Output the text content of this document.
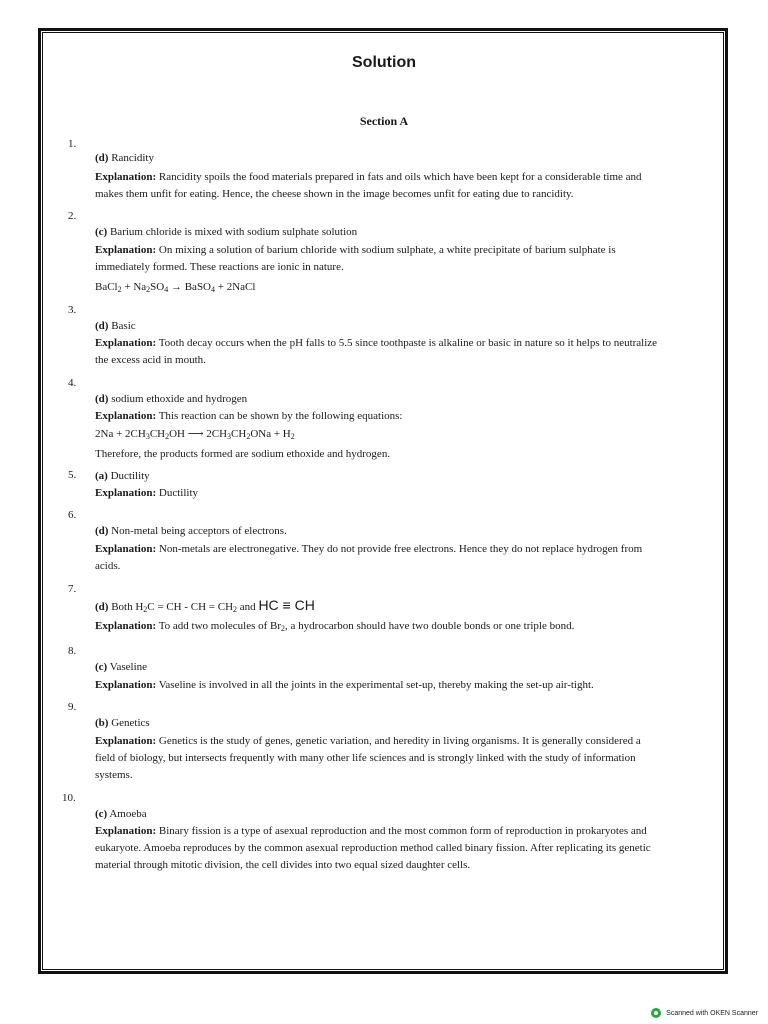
Solution
Section A
1.
(d) Rancidity
Explanation: Rancidity spoils the food materials prepared in fats and oils which have been kept for a considerable time and
makes them unfit for eating. Hence, the cheese shown in the image becomes unfit for eating due to rancidity.
2.
(c) Barium chloride is mixed with sodium sulphate solution
Explanation: On mixing a solution of barium chloride with sodium sulphate, a white precipitate of barium sulphate is
immediately formed. These reactions are ionic in nature.
BaCl$_2$ + $Na_2SO_4$ → BaSO$_4$ + 2NaCl
3.
(d) Basic
Explanation: Tooth decay occurs when the pH falls to 5.5 since toothpaste is alkaline or basic in nature so it helps to neutralize
the excess acid in mouth.
4.
(d) sodium ethoxide and hydrogen
Explanation: This reaction can be shown by the following equations:
$2Na + 2CH_3CH_2OH$ ⟶ $2CH_3CH_2ONa + H_2$
Therefore, the products formed are sodium ethoxide and hydrogen.
5. (a) Ductility
Explanation: Ductility
6.
(d) Non-metal being acceptors of electrons.
Explanation: Non-metals are electronegative. They do not provide free electrons. Hence they do not replace hydrogen from
acids.
7.
(d) Both $H_2C$ = CH - CH = $CH_2$ and HC ≡ CH
Explanation: To add two molecules of $Br_2$, a hydrocarbon should have two double bonds or one triple bond.
8.
(c) Vaseline
Explanation: Vaseline is involved in all the joints in the experimental set-up, thereby making the set-up air-tight.
9.
(b) Genetics
Explanation: Genetics is the study of genes, genetic variation, and heredity in living organisms. It is generally considered a
field of biology, but intersects frequently with many other life sciences and is strongly linked with the study of information
systems.
10.
(c) Amoeba
Explanation: Binary fission is a type of asexual reproduction and the most common form of reproduction in prokaryotes and
eukaryote. Amoeba reproduces by the common asexual reproduction method called binary fission. After replicating its genetic
material through mitotic division, the cell divides into two equal sized daughter cells.
Scanned with OKEN Scanner
